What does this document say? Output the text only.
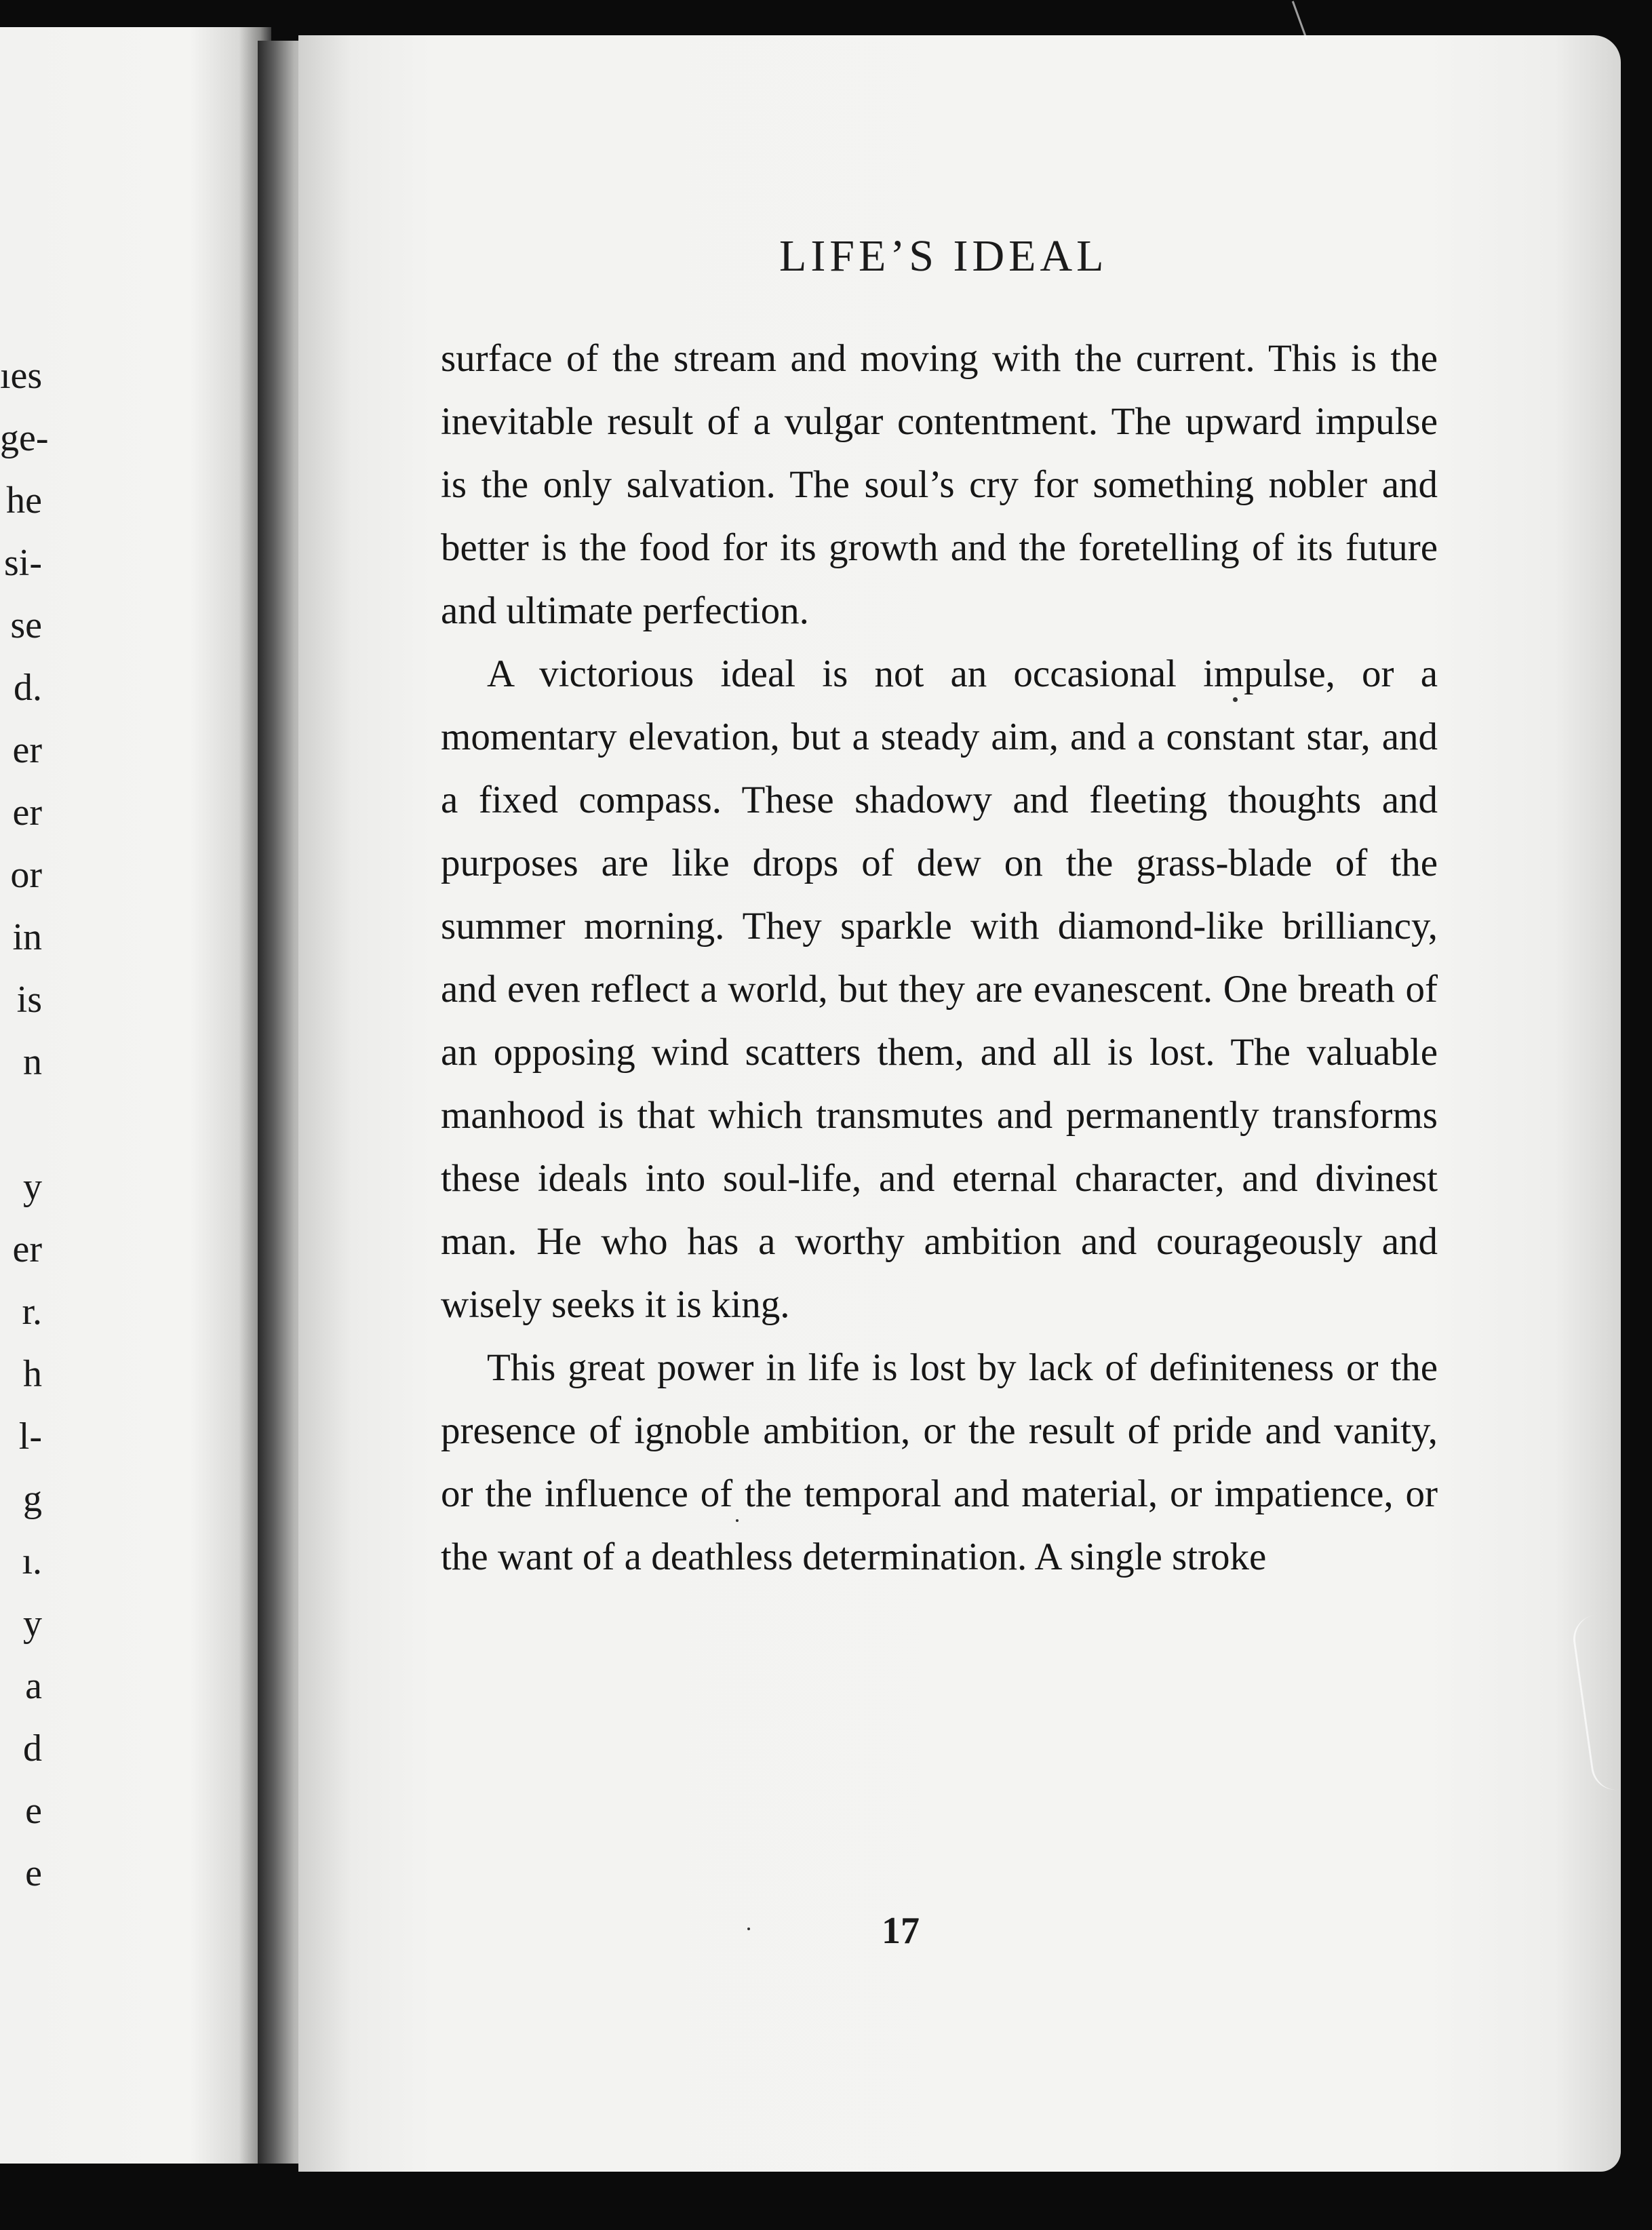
ıes
ge-
he
si-
se
d.
er
er
or
in
is
n
y
er
r.
h
l-
g
ı.
y
a
d
e
e
LIFE’S IDEAL

surface of the stream and moving with the current. This is the inevitable result of a vulgar contentment. The upward impulse is the only salvation. The soul’s cry for something nobler and better is the food for its growth and the foretelling of its future and ultimate perfection.

A victorious ideal is not an occasional impulse, or a momentary elevation, but a steady aim, and a constant star, and a fixed compass. These shadowy and fleeting thoughts and purposes are like drops of dew on the grass-blade of the summer morning. They sparkle with diamond-like brilliancy, and even reflect a world, but they are evanescent. One breath of an opposing wind scatters them, and all is lost. The valuable manhood is that which transmutes and permanently transforms these ideals into soul-life, and eternal character, and divinest man. He who has a worthy ambition and courageously and wisely seeks it is king.

This great power in life is lost by lack of definiteness or the presence of ignoble ambition, or the result of pride and vanity, or the influence of the temporal and material, or impatience, or the want of a deathless determination. A single stroke

17
